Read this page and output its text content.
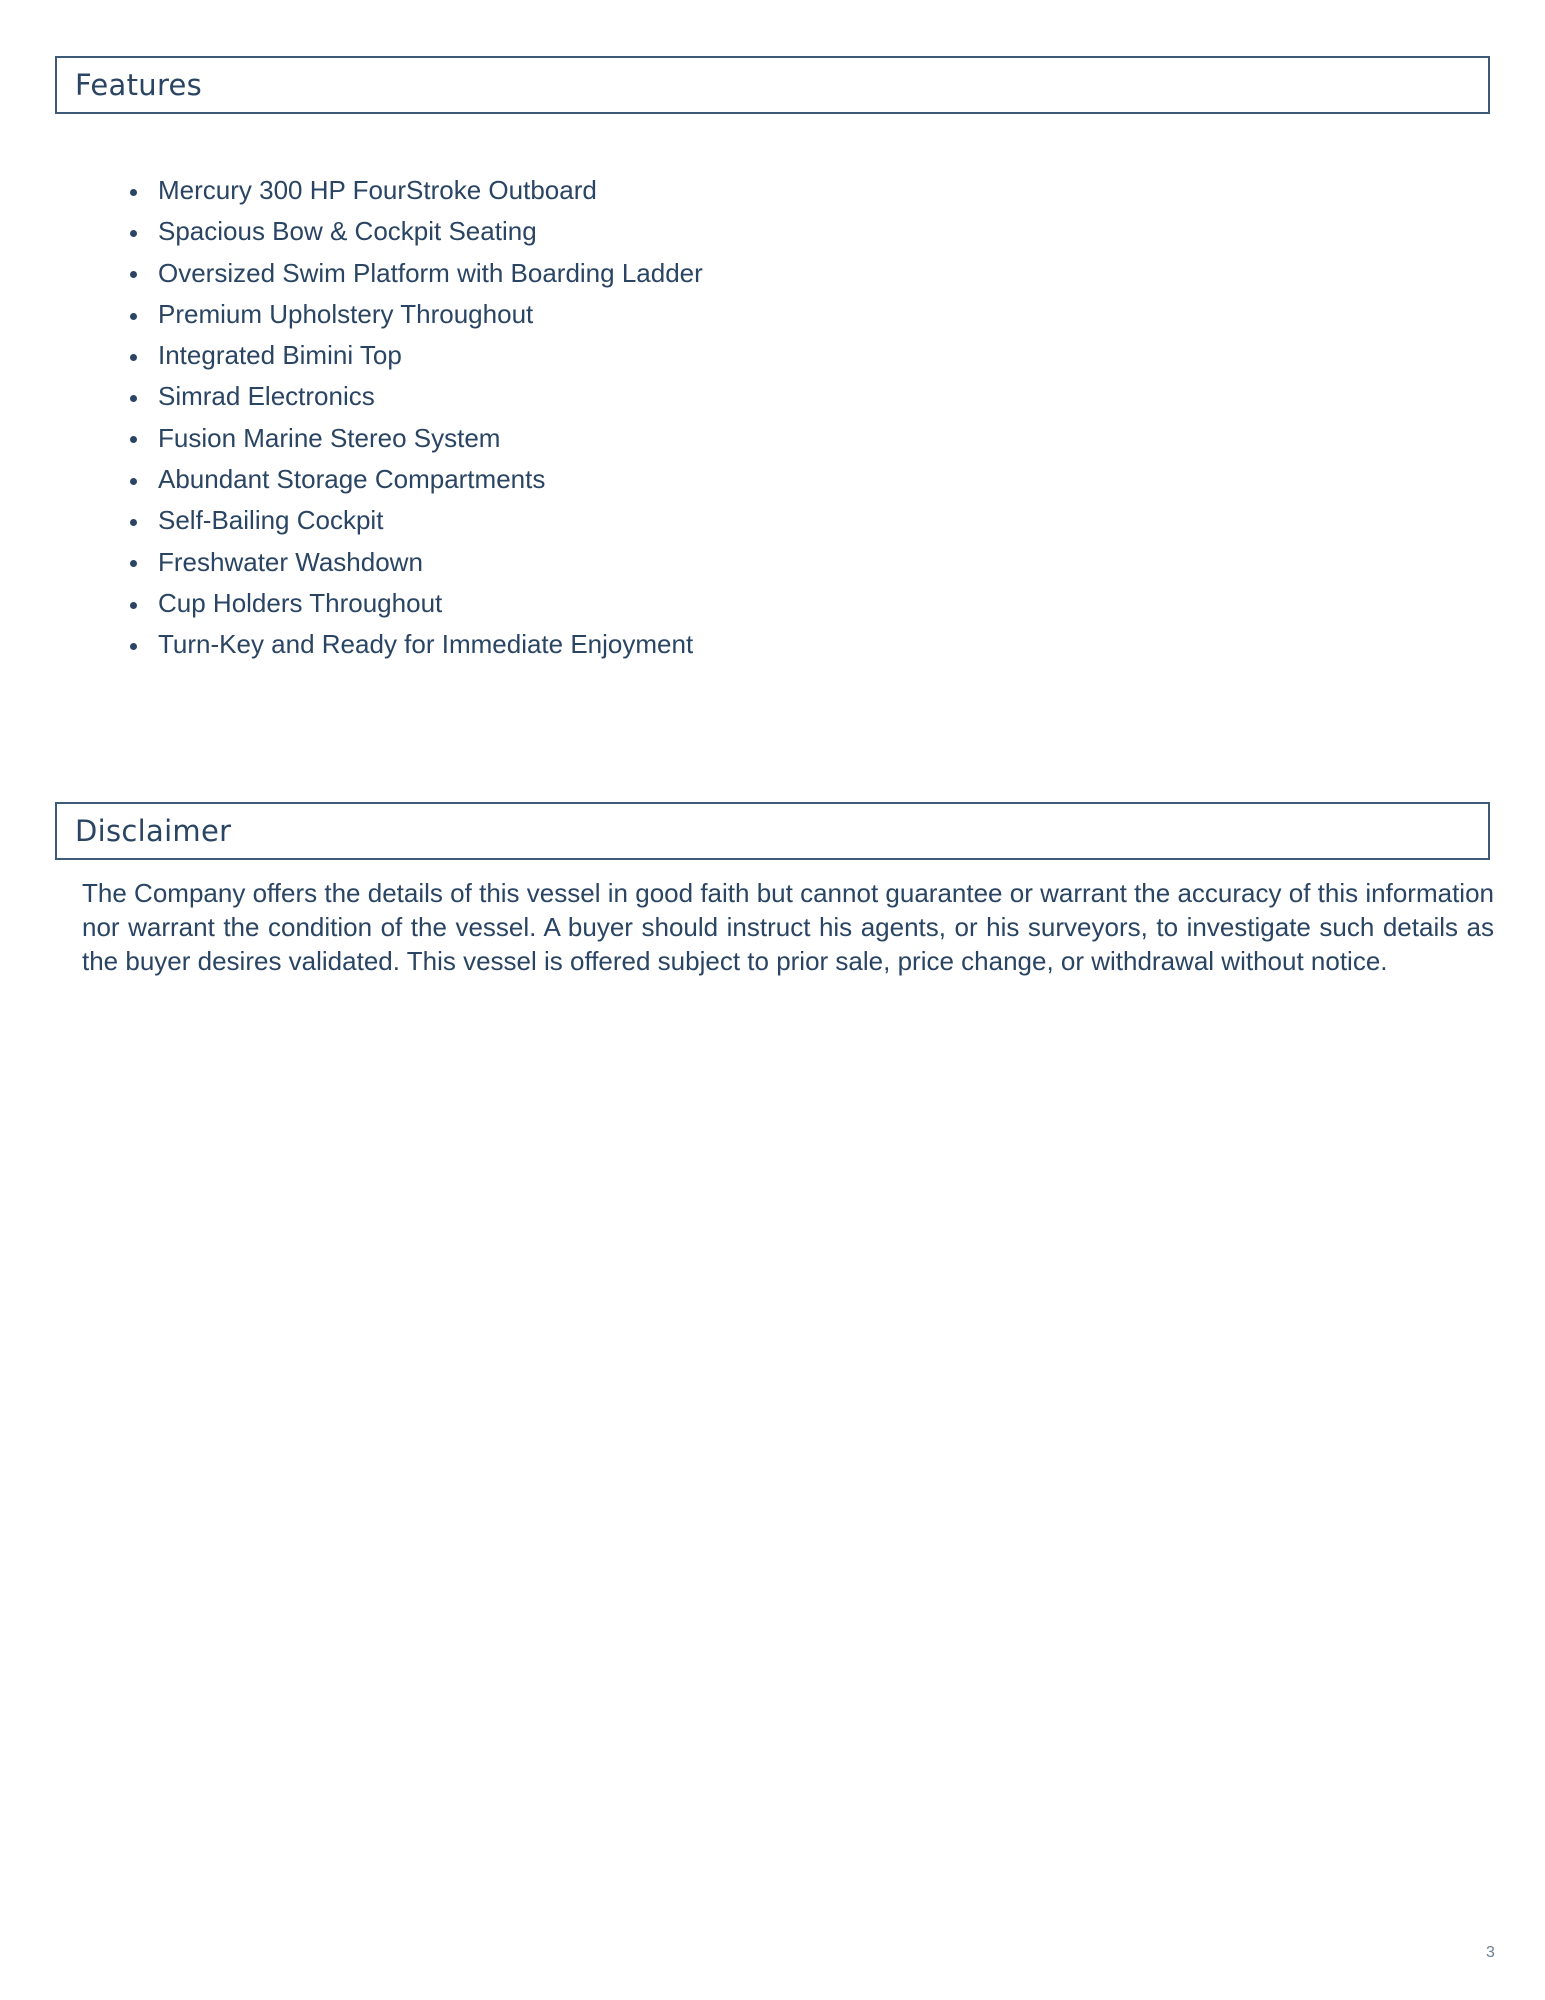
Features
Mercury 300 HP FourStroke Outboard
Spacious Bow & Cockpit Seating
Oversized Swim Platform with Boarding Ladder
Premium Upholstery Throughout
Integrated Bimini Top
Simrad Electronics
Fusion Marine Stereo System
Abundant Storage Compartments
Self-Bailing Cockpit
Freshwater Washdown
Cup Holders Throughout
Turn-Key and Ready for Immediate Enjoyment
Disclaimer

The Company offers the details of this vessel in good faith but cannot guarantee or warrant the accuracy of this information nor warrant the condition of the vessel. A buyer should instruct his agents, or his surveyors, to investigate such details as the buyer desires validated. This vessel is offered subject to prior sale, price change, or withdrawal without notice.

3
